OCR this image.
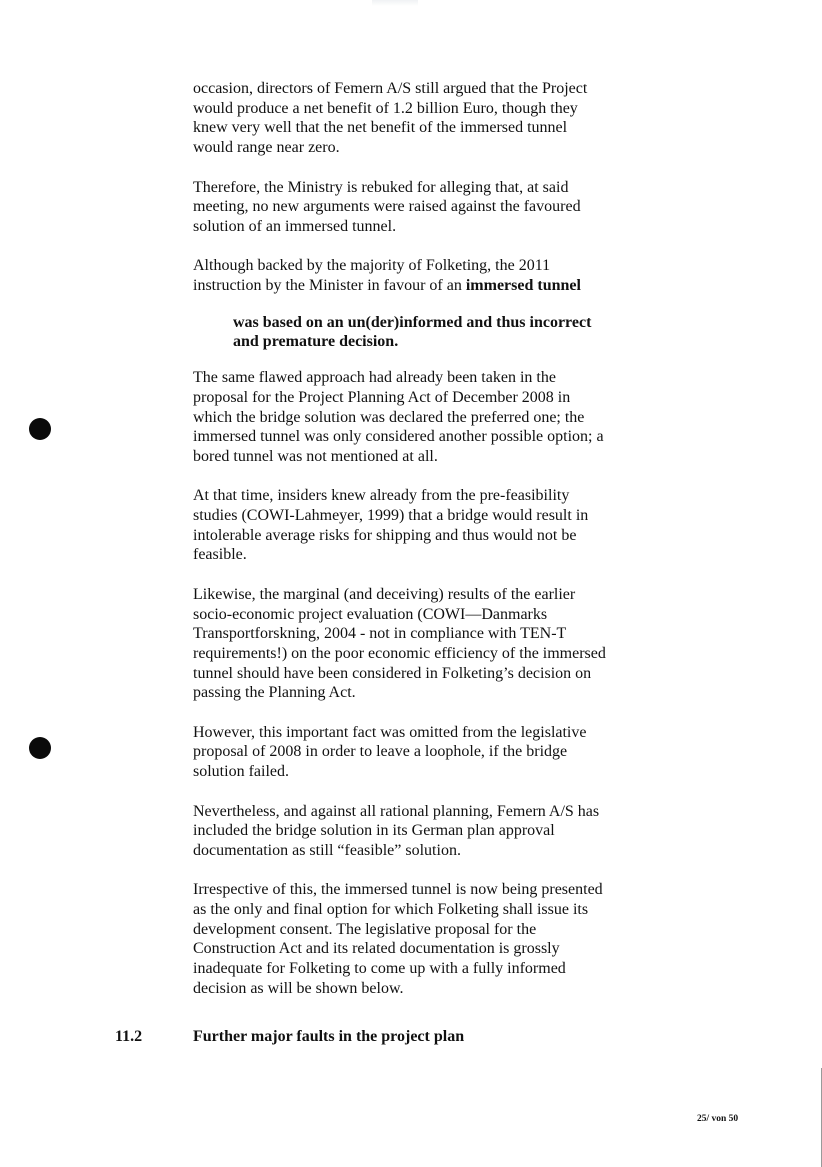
occasion, directors of Femern A/S still argued that the Project
would produce a net benefit of 1.2 billion Euro, though they
knew very well that the net benefit of the immersed tunnel
would range near zero.

Therefore, the Ministry is rebuked for alleging that, at said
meeting, no new arguments were raised against the favoured
solution of an immersed tunnel.

Although backed by the majority of Folketing, the 2011
instruction by the Minister in favour of an immersed tunnel

was based on an un(der)informed and thus incorrect
and premature decision.

The same flawed approach had already been taken in the
proposal for the Project Planning Act of December 2008 in
which the bridge solution was declared the preferred one; the
immersed tunnel was only considered another possible option; a
bored tunnel was not mentioned at all.

At that time, insiders knew already from the pre-feasibility
studies (COWI-Lahmeyer, 1999) that a bridge would result in
intolerable average risks for shipping and thus would not be
feasible.

Likewise, the marginal (and deceiving) results of the earlier
socio-economic project evaluation (COWI—Danmarks
Transportforskning, 2004 - not in compliance with TEN-T
requirements!) on the poor economic efficiency of the immersed
tunnel should have been considered in Folketing’s decision on
passing the Planning Act.

However, this important fact was omitted from the legislative
proposal of 2008 in order to leave a loophole, if the bridge
solution failed.

Nevertheless, and against all rational planning, Femern A/S has
included the bridge solution in its German plan approval
documentation as still “feasible” solution.

Irrespective of this, the immersed tunnel is now being presented
as the only and final option for which Folketing shall issue its
development consent. The legislative proposal for the
Construction Act and its related documentation is grossly
inadequate for Folketing to come up with a fully informed
decision as will be shown below.

11.2	Further major faults in the project plan
25/ von 50
